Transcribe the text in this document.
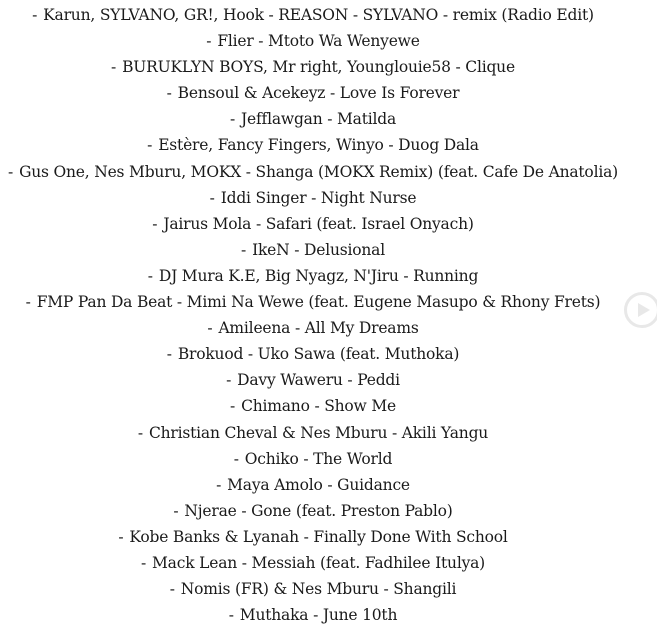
- Karun, SYLVANO, GR!, Hook - REASON - SYLVANO - remix (Radio Edit)
- Flier - Mtoto Wa Wenyewe
- BURUKLYN BOYS, Mr right, Younglouie58 - Clique
- Bensoul & Acekeyz - Love Is Forever
- Jefflawgan - Matilda
- Estère, Fancy Fingers, Winyo - Duog Dala
- Gus One, Nes Mburu, MOKX - Shanga (MOKX Remix) (feat. Cafe De Anatolia)
- Iddi Singer - Night Nurse
- Jairus Mola - Safari (feat. Israel Onyach)
- IkeN - Delusional
- DJ Mura K.E, Big Nyagz, N'Jiru - Running
- FMP Pan Da Beat - Mimi Na Wewe (feat. Eugene Masupo & Rhony Frets)
- Amileena - All My Dreams
- Brokuod - Uko Sawa (feat. Muthoka)
- Davy Waweru - Peddi
- Chimano - Show Me
- Christian Cheval & Nes Mburu - Akili Yangu
- Ochiko - The World
- Maya Amolo - Guidance
- Njerae - Gone (feat. Preston Pablo)
- Kobe Banks & Lyanah - Finally Done With School
- Mack Lean - Messiah (feat. Fadhilee Itulya)
- Nomis (FR) & Nes Mburu - Shangili
- Muthaka - June 10th
